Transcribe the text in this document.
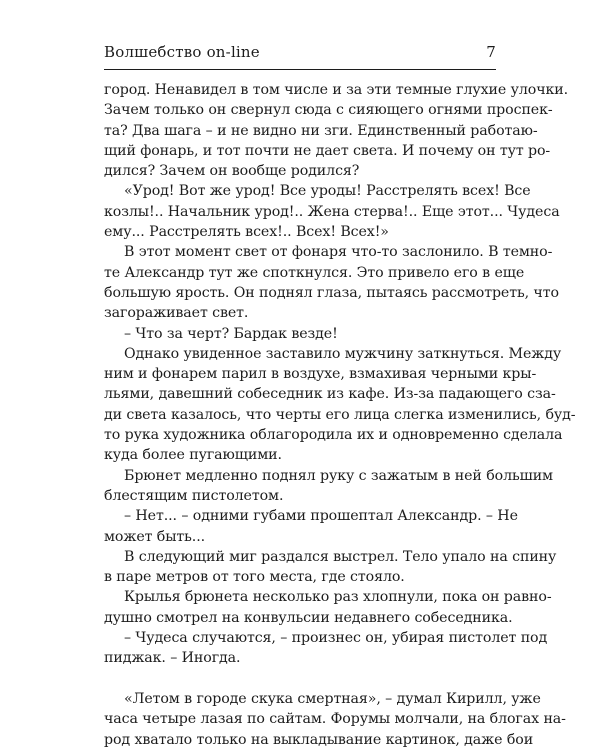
Волшебство on-line	7
город. Ненавидел в том числе и за эти темные глухие улочки.
Зачем только он свернул сюда с сияющего огнями проспек-
та? Два шага – и не видно ни зги. Единственный работаю-
щий фонарь, и тот почти не дает света. И почему он тут ро-
дился? Зачем он вообще родился?
«Урод! Вот же урод! Все уроды! Расстрелять всех! Все
козлы!.. Начальник урод!.. Жена стерва!.. Еще этот... Чудеса
ему... Расстрелять всех!.. Всех! Всех!»
В этот момент свет от фонаря что-то заслонило. В темно-
те Александр тут же споткнулся. Это привело его в еще
большую ярость. Он поднял глаза, пытаясь рассмотреть, что
загораживает свет.
– Что за черт? Бардак везде!
Однако увиденное заставило мужчину заткнуться. Между
ним и фонарем парил в воздухе, взмахивая черными кры-
льями, давешний собеседник из кафе. Из-за падающего сза-
ди света казалось, что черты его лица слегка изменились, буд-
то рука художника облагородила их и одновременно сделала
куда более пугающими.
Брюнет медленно поднял руку с зажатым в ней большим
блестящим пистолетом.
– Нет... – одними губами прошептал Александр. – Не
может быть...
В следующий миг раздался выстрел. Тело упало на спину
в паре метров от того места, где стояло.
Крылья брюнета несколько раз хлопнули, пока он равно-
душно смотрел на конвульсии недавнего собеседника.
– Чудеса случаются, – произнес он, убирая пистолет под
пиджак. – Иногда.
«Летом в городе скука смертная», – думал Кирилл, уже
часа четыре лазая по сайтам. Форумы молчали, на блогах на-
род хватало только на выкладывание картинок, даже бои
